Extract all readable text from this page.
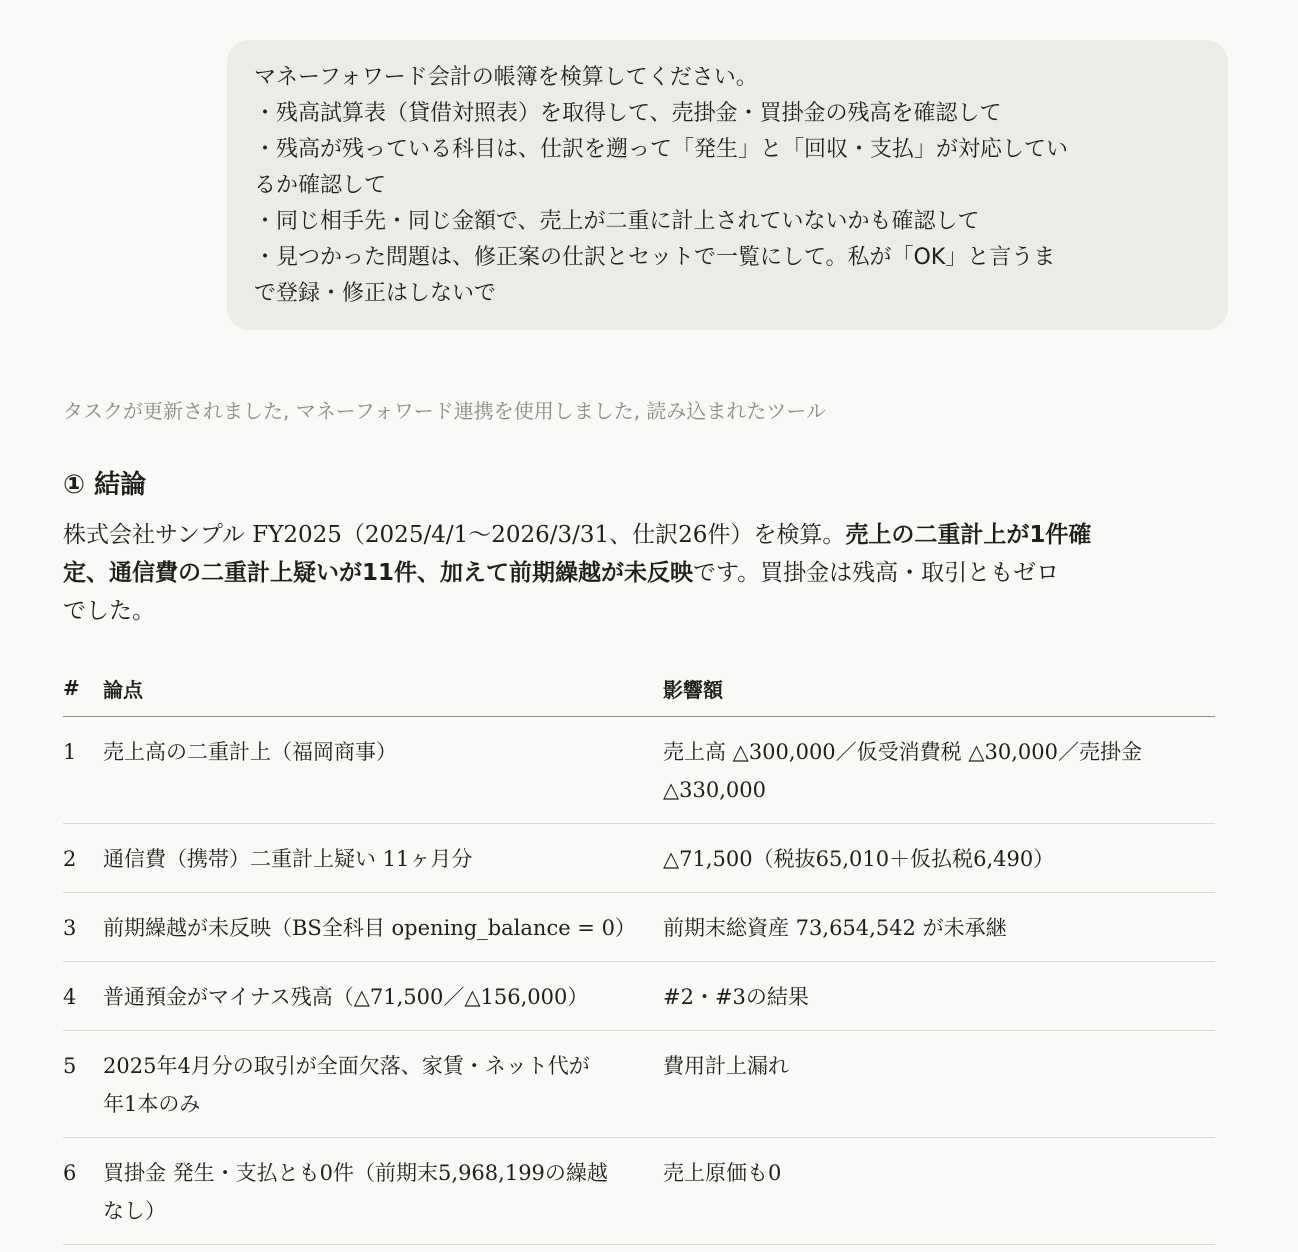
マネーフォワード会計の帳簿を検算してください。
・残高試算表（貸借対照表）を取得して、売掛金・買掛金の残高を確認して
・残高が残っている科目は、仕訳を遡って「発生」と「回収・支払」が対応してい
るか確認して
・同じ相手先・同じ金額で、売上が二重に計上されていないかも確認して
・見つかった問題は、修正案の仕訳とセットで一覧にして。私が「OK」と言うま
で登録・修正はしないで
タスクが更新されました, マネーフォワード連携を使用しました, 読み込まれたツール
① 結論

株式会社サンプル FY2025（2025/4/1〜2026/3/31、仕訳26件）を検算。売上の二重計上が1件確
定、通信費の二重計上疑いが11件、加えて前期繰越が未反映です。買掛金は残高・取引ともゼロ
でした。

#	論点	影響額
1	売上高の二重計上（福岡商事）	売上高 △300,000／仮受消費税 △30,000／売掛金
△330,000

2	通信費（携帯）二重計上疑い 11ヶ月分	△71,500（税抜65,010＋仮払税6,490）

3	前期繰越が未反映（BS全科目 opening_balance = 0）	前期末総資産 73,654,542 が未承継

4	普通預金がマイナス残高（△71,500／△156,000）	#2・#3の結果

5	2025年4月分の取引が全面欠落、家賃・ネット代が
年1本のみ	費用計上漏れ

6	買掛金 発生・支払とも0件（前期末5,968,199の繰越
なし）	売上原価も0
